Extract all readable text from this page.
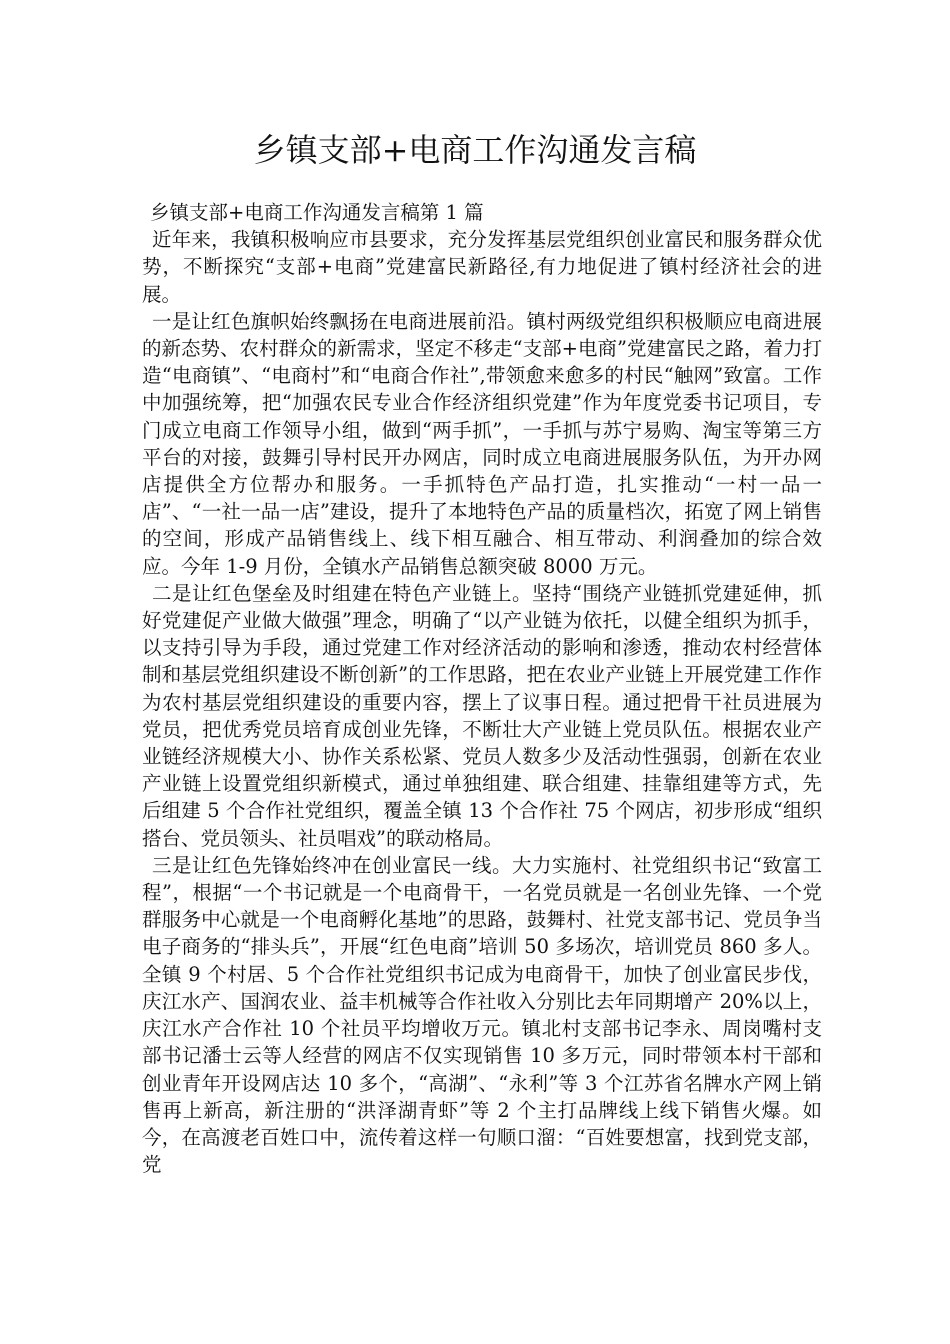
乡镇支部+电商工作沟通发言稿

乡镇支部+电商工作沟通发言稿第 1 篇

近年来，我镇积极响应市县要求，充分发挥基层党组织创业富民和服务群众优势，不断探究“支部+电商”党建富民新路径,有力地促进了镇村经济社会的进展。

一是让红色旗帜始终飘扬在电商进展前沿。镇村两级党组织积极顺应电商进展的新态势、农村群众的新需求，坚定不移走“支部+电商”党建富民之路，着力打造“电商镇”、“电商村”和“电商合作社”,带领愈来愈多的村民“触网”致富。工作中加强统筹，把“加强农民专业合作经济组织党建”作为年度党委书记项目，专门成立电商工作领导小组，做到“两手抓”，一手抓与苏宁易购、淘宝等第三方平台的对接，鼓舞引导村民开办网店，同时成立电商进展服务队伍，为开办网店提供全方位帮办和服务。一手抓特色产品打造，扎实推动“一村一品一店”、“一社一品一店”建设，提升了本地特色产品的质量档次，拓宽了网上销售的空间，形成产品销售线上、线下相互融合、相互带动、利润叠加的综合效应。今年 1-9 月份，全镇水产品销售总额突破 8000 万元。

二是让红色堡垒及时组建在特色产业链上。坚持“围绕产业链抓党建延伸，抓好党建促产业做大做强”理念，明确了“以产业链为依托，以健全组织为抓手，以支持引导为手段，通过党建工作对经济活动的影响和渗透，推动农村经营体制和基层党组织建设不断创新”的工作思路，把在农业产业链上开展党建工作作为农村基层党组织建设的重要内容，摆上了议事日程。通过把骨干社员进展为党员，把优秀党员培育成创业先锋，不断壮大产业链上党员队伍。根据农业产业链经济规模大小、协作关系松紧、党员人数多少及活动性强弱，创新在农业产业链上设置党组织新模式，通过单独组建、联合组建、挂靠组建等方式，先后组建 5 个合作社党组织，覆盖全镇 13 个合作社 75 个网店，初步形成“组织搭台、党员领头、社员唱戏”的联动格局。

三是让红色先锋始终冲在创业富民一线。大力实施村、社党组织书记“致富工程”，根据“一个书记就是一个电商骨干，一名党员就是一名创业先锋、一个党群服务中心就是一个电商孵化基地”的思路，鼓舞村、社党支部书记、党员争当电子商务的“排头兵”，开展“红色电商”培训 50 多场次，培训党员 860 多人。全镇 9 个村居、5 个合作社党组织书记成为电商骨干，加快了创业富民步伐，庆江水产、国润农业、益丰机械等合作社收入分别比去年同期增产 20%以上，庆江水产合作社 10 个社员平均增收万元。镇北村支部书记李永、周岗嘴村支部书记潘士云等人经营的网店不仅实现销售 10 多万元，同时带领本村干部和创业青年开设网店达 10 多个，“高湖”、“永利”等 3 个江苏省名牌水产网上销售再上新高，新注册的“洪泽湖青虾”等 2 个主打品牌线上线下销售火爆。如今，在高渡老百姓口中，流传着这样一句顺口溜：“百姓要想富，找到党支部，党
